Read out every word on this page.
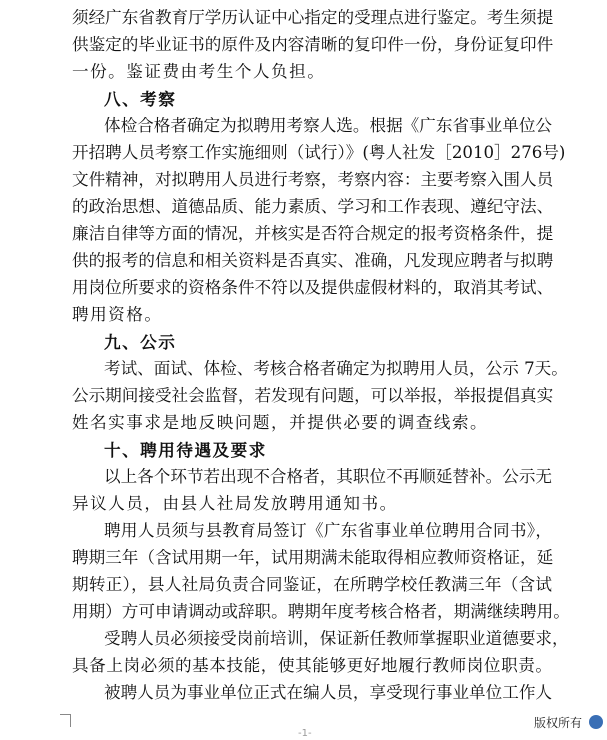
须经广东省教育厅学历认证中心指定的受理点进行鉴定。考生须提
供鉴定的毕业证书的原件及内容清晰的复印件一份，身份证复印件
一份。鉴证费由考生个人负担。
八、考察
体检合格者确定为拟聘用考察人选。根据《广东省事业单位公
开招聘人员考察工作实施细则（试行）》(粤人社发［2010］276号)
文件精神，对拟聘用人员进行考察，考察内容：主要考察入围人员
的政治思想、道德品质、能力素质、学习和工作表现、遵纪守法、
廉洁自律等方面的情况，并核实是否符合规定的报考资格条件，提
供的报考的信息和相关资料是否真实、准确，凡发现应聘者与拟聘
用岗位所要求的资格条件不符以及提供虚假材料的，取消其考试、
聘用资格。
九、公示
考试、面试、体检、考核合格者确定为拟聘用人员，公示 7天。
公示期间接受社会监督，若发现有问题，可以举报，举报提倡真实
姓名实事求是地反映问题，并提供必要的调查线索。
十、聘用待遇及要求
以上各个环节若出现不合格者，其职位不再顺延替补。公示无
异议人员，由县人社局发放聘用通知书。
聘用人员须与县教育局签订《广东省事业单位聘用合同书》，
聘期三年（含试用期一年，试用期满未能取得相应教师资格证，延
期转正），县人社局负责合同鉴证，在所聘学校任教满三年（含试
用期）方可申请调动或辞职。聘期年度考核合格者，期满继续聘用。
受聘人员必须接受岗前培训，保证新任教师掌握职业道德要求，
具备上岗必须的基本技能，使其能够更好地履行教师岗位职责。
被聘人员为事业单位正式在编人员，享受现行事业单位工作人
-1-
版权所有
